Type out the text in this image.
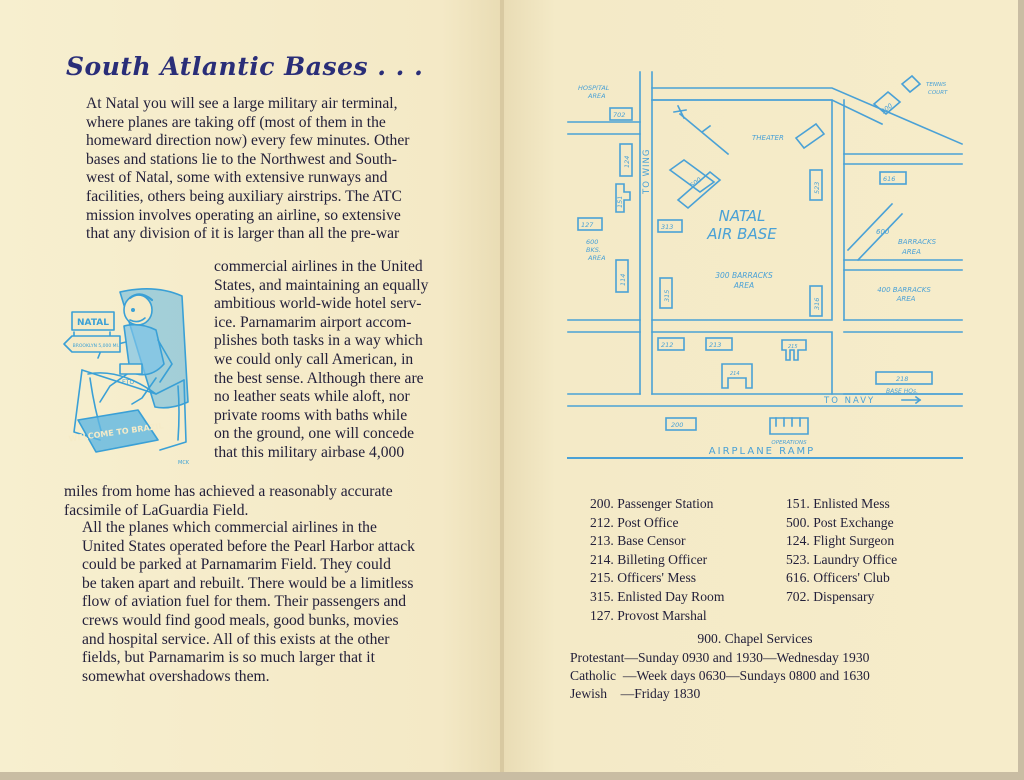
South Atlantic Bases . . .
At Natal you will see a large military air terminal,
where planes are taking off (most of them in the
homeward direction now) every few minutes. Other
bases and stations lie to the Northwest and South-
west of Natal, some with extensive runways and
facilities, others being auxiliary airstrips. The ATC
mission involves operating an airline, so extensive
that any division of it is larger than all the pre-war
commercial airlines in the United
States, and maintaining an equally
ambitious world-wide hotel serv-
ice. Parnamarim airport accom-
plishes both tasks in a way which
we could only call American, in
the best sense. Although there are
no leather seats while aloft, nor
private rooms with baths while
on the ground, one will concede
that this military airbase 4,000
miles from home has achieved a reasonably accurate
facsimile of LaGuardia Field.
All the planes which commercial airlines in the
United States operated before the Pearl Harbor attack
could be parked at Parnamarim Field. They could
be taken apart and rebuilt. There would be a limitless
flow of aviation fuel for them. Their passengers and
crews would find good meals, good bunks, movies
and hospital service. All of this exists at the other
fields, but Parnamarim is so much larger that it
somewhat overshadows them.
NATAL
BROOKLYN 5,000 MI.
ETO
WELCOME TO BRAZIL
MCK
HOSPITAL
AREA
TENNIS
COURT
THEATER
TO WING
NATAL
AIR BASE
300 BARRACKS
AREA
600
BARRACKS
AREA
400 BARRACKS
AREA
600
BKS.
AREA
BASE HQs.
TO NAVY
OPERATIONS
AIRPLANE RAMP
702	900
500
124
151
127	313
523
616
114
315
316
212	213	215
214
218
200
200. Passenger Station
212. Post Office
213. Base Censor
214. Billeting Officer
215. Officers' Mess
315. Enlisted Day Room
127. Provost Marshal
151. Enlisted Mess
500. Post Exchange
124. Flight Surgeon
523. Laundry Office
616. Officers' Club
702. Dispensary
900. Chapel Services
Protestant—Sunday 0930 and 1930—Wednesday 1930
Catholic  —Week days 0630—Sundays 0800 and 1630
Jewish    —Friday 1830
